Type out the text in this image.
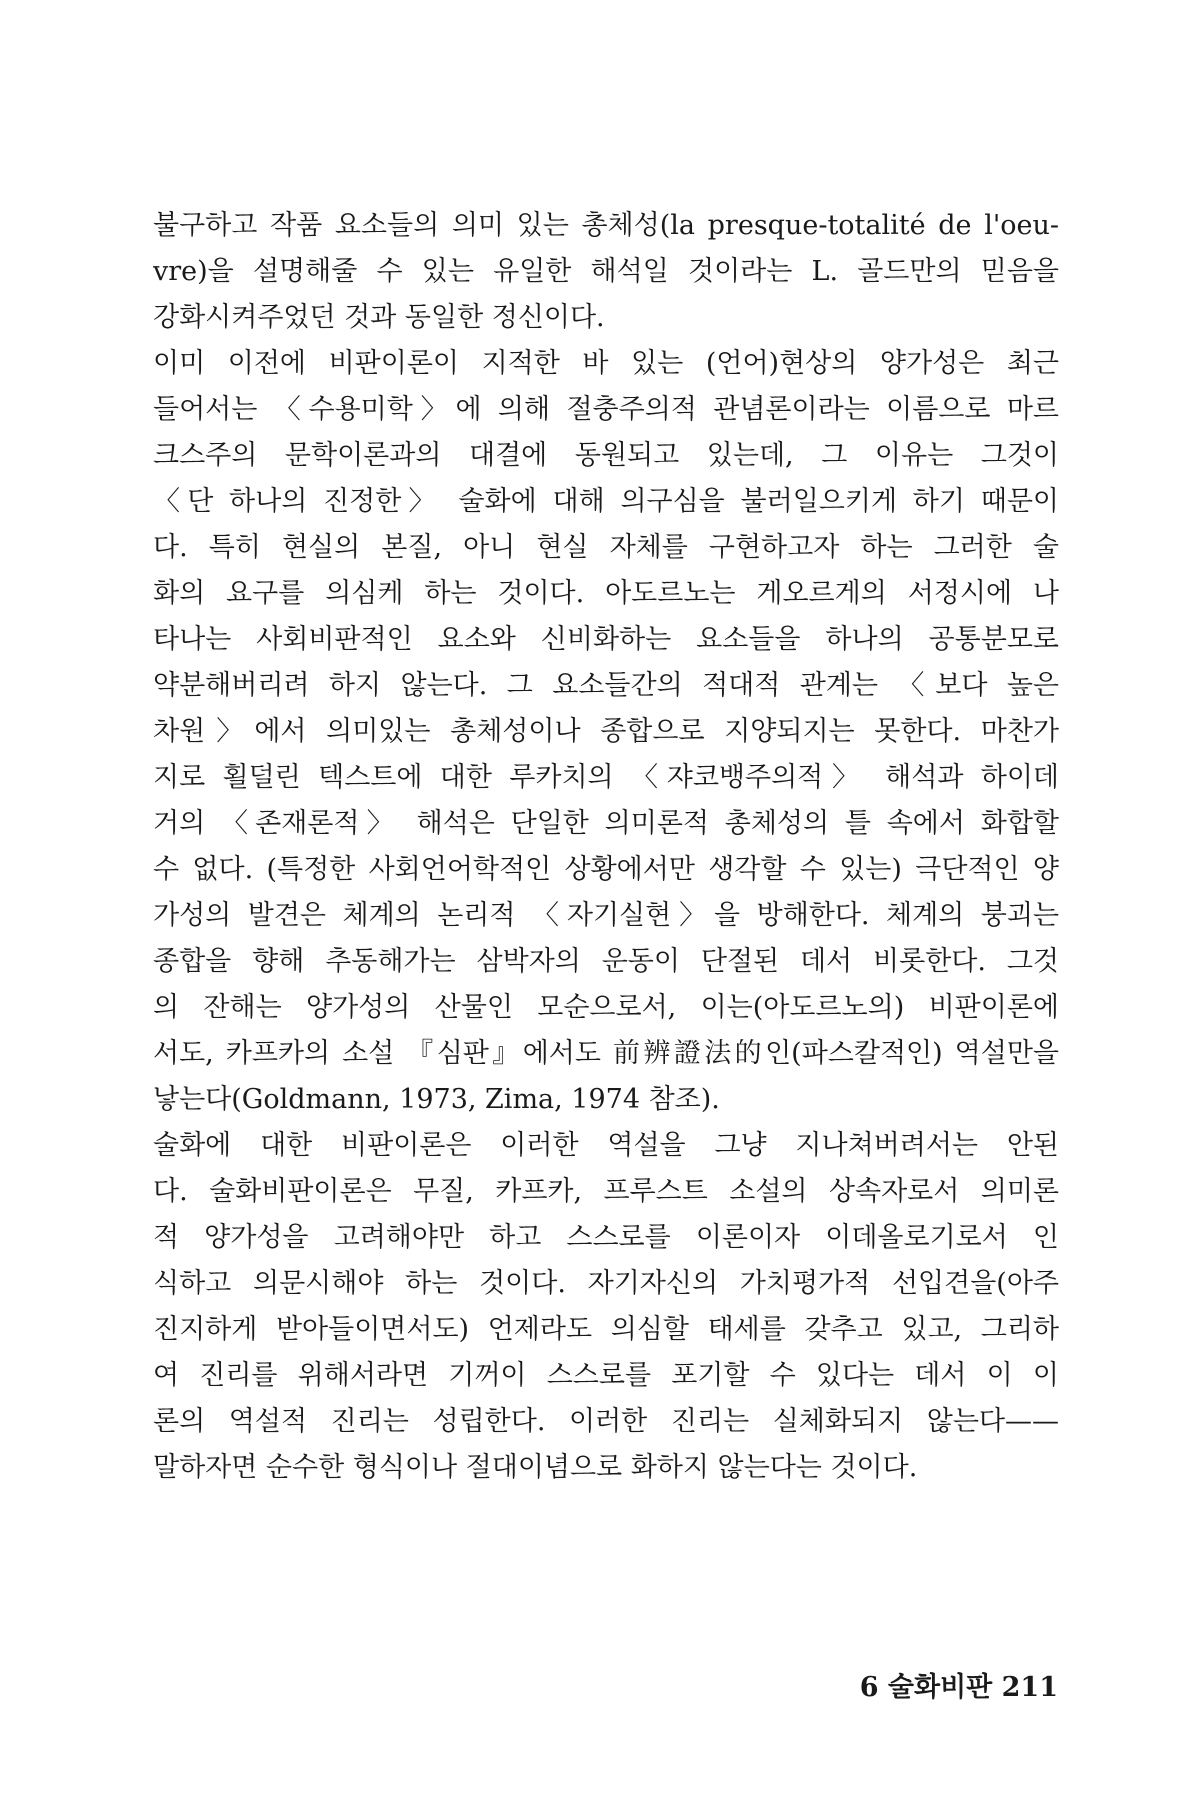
불구하고 작품 요소들의 의미 있는 총체성(la presque-totalité de l'oeu-
vre)을 설명해줄 수 있는 유일한 해석일 것이라는 L. 골드만의 믿음을
강화시켜주었던 것과 동일한 정신이다.
이미 이전에 비판이론이 지적한 바 있는 (언어)현상의 양가성은 최근
들어서는 〈수용미학〉에 의해 절충주의적 관념론이라는 이름으로 마르
크스주의 문학이론과의 대결에 동원되고 있는데, 그 이유는 그것이
〈단 하나의 진정한〉 술화에 대해 의구심을 불러일으키게 하기 때문이
다. 특히 현실의 본질, 아니 현실 자체를 구현하고자 하는 그러한 술
화의 요구를 의심케 하는 것이다. 아도르노는 게오르게의 서정시에 나
타나는 사회비판적인 요소와 신비화하는 요소들을 하나의 공통분모로
약분해버리려 하지 않는다. 그 요소들간의 적대적 관계는 〈보다 높은
차원〉에서 의미있는 총체성이나 종합으로 지양되지는 못한다. 마찬가
지로 횔덜린 텍스트에 대한 루카치의 〈쟈코뱅주의적〉 해석과 하이데
거의 〈존재론적〉 해석은 단일한 의미론적 총체성의 틀 속에서 화합할
수 없다. (특정한 사회언어학적인 상황에서만 생각할 수 있는) 극단적인 양
가성의 발견은 체계의 논리적 〈자기실현〉을 방해한다. 체계의 붕괴는
종합을 향해 추동해가는 삼박자의 운동이 단절된 데서 비롯한다. 그것
의 잔해는 양가성의 산물인 모순으로서, 이는(아도르노의) 비판이론에
서도, 카프카의 소설 『심판』에서도 前辨證法的인(파스칼적인) 역설만을
낳는다(Goldmann, 1973, Zima, 1974 참조).
술화에 대한 비판이론은 이러한 역설을 그냥 지나쳐버려서는 안된
다. 술화비판이론은 무질, 카프카, 프루스트 소설의 상속자로서 의미론
적 양가성을 고려해야만 하고 스스로를 이론이자 이데올로기로서 인
식하고 의문시해야 하는 것이다. 자기자신의 가치평가적 선입견을(아주
진지하게 받아들이면서도) 언제라도 의심할 태세를 갖추고 있고, 그리하
여 진리를 위해서라면 기꺼이 스스로를 포기할 수 있다는 데서 이 이
론의 역설적 진리는 성립한다. 이러한 진리는 실체화되지 않는다——
말하자면 순수한 형식이나 절대이념으로 화하지 않는다는 것이다.
6 술화비판 211
